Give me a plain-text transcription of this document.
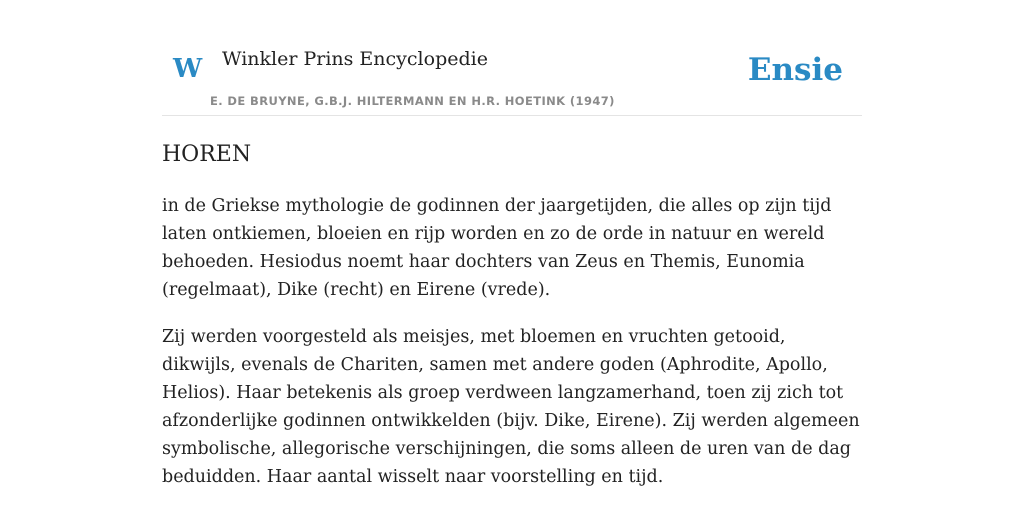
W Winkler Prins Encyclopedie
E. DE BRUYNE, G.B.J. HILTERMANN EN H.R. HOETINK (1947)
Ensie
HOREN

in de Griekse mythologie de godinnen der jaargetijden, die alles op zijn tijd laten ontkiemen, bloeien en rijp worden en zo de orde in natuur en wereld behoeden. Hesiodus noemt haar dochters van Zeus en Themis, Eunomia (regelmaat), Dike (recht) en Eirene (vrede).

Zij werden voorgesteld als meisjes, met bloemen en vruchten getooid, dikwijls, evenals de Chariten, samen met andere goden (Aphrodite, Apollo, Helios). Haar betekenis als groep verdween langzamerhand, toen zij zich tot afzonderlijke godinnen ontwikkelden (bijv. Dike, Eirene). Zij werden algemeen symbolische, allegorische verschijningen, die soms alleen de uren van de dag beduidden. Haar aantal wisselt naar voorstelling en tijd.
